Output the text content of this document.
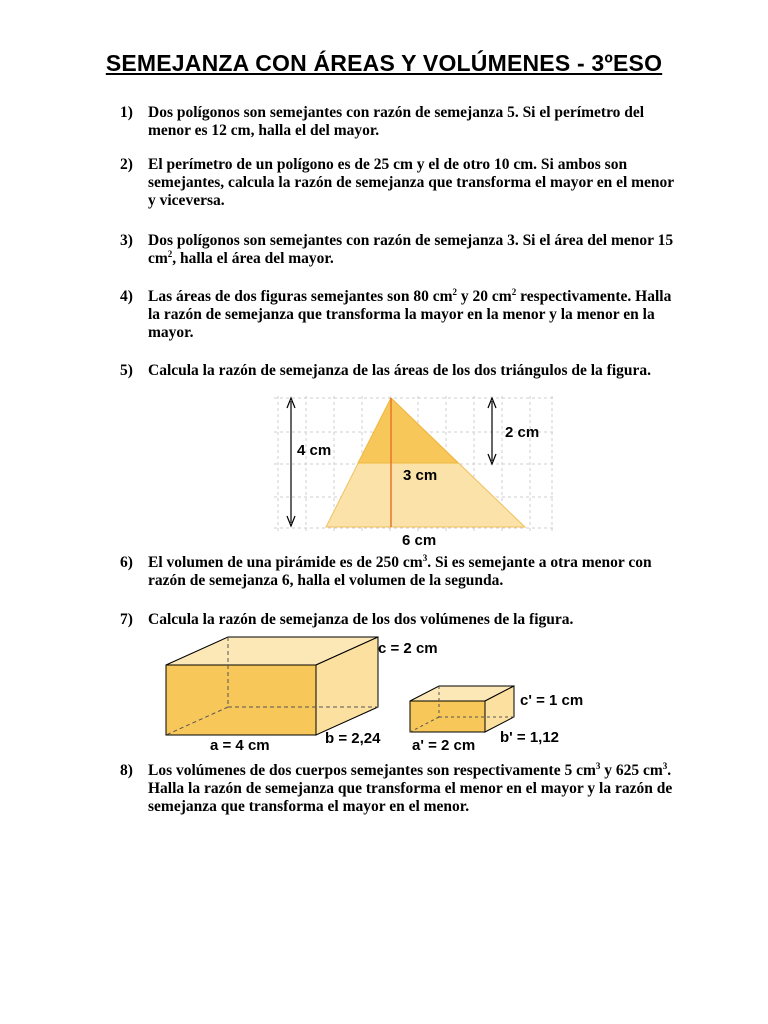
SEMEJANZA CON ÁREAS Y VOLÚMENES - 3ºESO
1) Dos polígonos son semejantes con razón de semejanza 5. Si el perímetro del menor es 12 cm, halla el del mayor.
2) El perímetro de un polígono es de 25 cm y el de otro 10 cm. Si ambos son semejantes, calcula la razón de semejanza que transforma el mayor en el menor y viceversa.
3) Dos polígonos son semejantes con razón de semejanza 3. Si el área del menor 15 $cm^2$, halla el área del mayor.
4) Las áreas de dos figuras semejantes son 80 $cm^2$ y 20 $cm^2$ respectivamente. Halla la razón de semejanza que transforma la mayor en la menor y la menor en la mayor.
5) Calcula la razón de semejanza de las áreas de los dos triángulos de la figura.
4 cm
2 cm
3 cm
6 cm
6) El volumen de una pirámide es de 250 $cm^3$. Si es semejante a otra menor con razón de semejanza 6, halla el volumen de la segunda.
7) Calcula la razón de semejanza de los dos volúmenes de la figura.
c = 2 cm
a = 4 cm	b = 2,24
c' = 1 cm
a' = 2 cm b' = 1,12
8) Los volúmenes de dos cuerpos semejantes son respectivamente 5 $cm^3$ y 625 $cm^3$. Halla la razón de semejanza que transforma el menor en el mayor y la razón de semejanza que transforma el mayor en el menor.
